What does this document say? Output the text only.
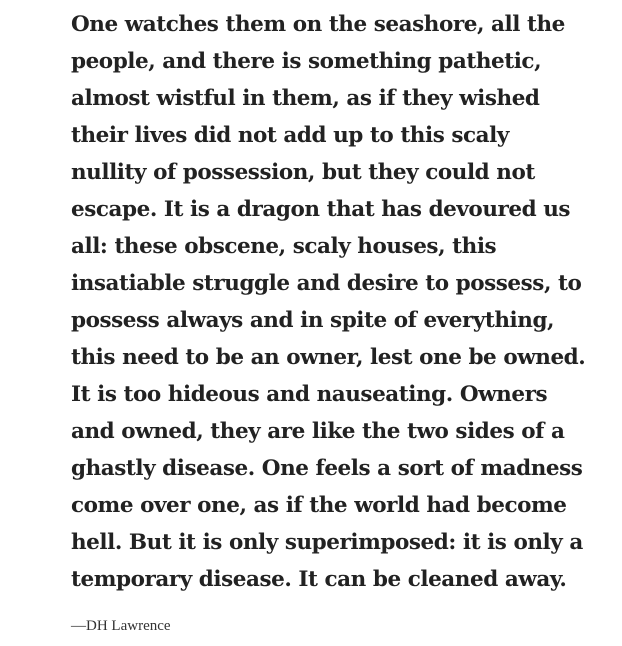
One watches them on the seashore, all the
people, and there is something pathetic,
almost wistful in them, as if they wished
their lives did not add up to this scaly
nullity of possession, but they could not
escape. It is a dragon that has devoured us
all: these obscene, scaly houses, this
insatiable struggle and desire to possess, to
possess always and in spite of everything,
this need to be an owner, lest one be owned.
It is too hideous and nauseating. Owners
and owned, they are like the two sides of a
ghastly disease. One feels a sort of madness
come over one, as if the world had become
hell. But it is only superimposed: it is only a
temporary disease. It can be cleaned away.
—DH Lawrence
